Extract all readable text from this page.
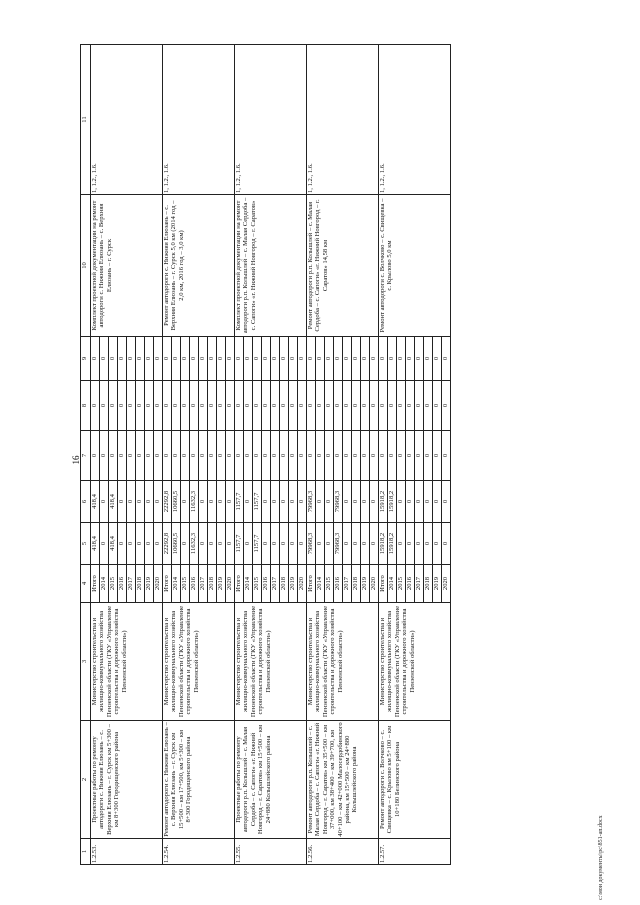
16
1	2	3	4	5	6	7	8	9	10	11
1.2.53.	Проектные работы по ремонту автодороги с. Нижняя Елюзань – с. Верхняя Елюзань – г. Сурск км 5+300 – км 8+300 Городищенского района	Министерство строительства и жилищно-коммунального хозяйства Пензенской области (ГКУ «Управление строительства и дорожного хозяйства Пензенской области»)	Итого	418,4	418,4	0	0	0	Комплект проектной документации на ремонт автодороги с. Нижняя Елюзань – с. Верхняя Елюзань – г. Сурск	1, 1.2., 1.6.
			2014	0	0	0	0	0		
			2015	418,4	418,4	0	0	0		
			2016	0	0	0	0	0		
			2017	0	0	0	0	0		
			2018	0	0	0	0	0		
			2019	0	0	0	0	0		
			2020	0	0	0	0	0		
1.2.54.	Ремонт автодороги с. Нижняя Елюзань – с. Верхняя Елюзань – г. Сурск км 15+500 – км 17+500, км 5+300 – км 8+300 Городищенского района	Министерство строительства и жилищно-коммунального хозяйства Пензенской области (ГКУ «Управление строительства и дорожного хозяйства Пензенской области»)	Итого	22292,8	22292,8	0	0	0	Ремонт автодороги с. Нижняя Елюзань – с. Верхняя Елюзань – г. Сурск 5,0 км (2014 год – 2,0 км, 2016 год – 3,0 км)	1, 1.2., 1.6.
			2014	10660,5	10660,5	0	0	0		
			2015	0	0	0	0	0		
			2016	11632,3	11632,3	0	0	0		
			2017	0	0	0	0	0		
			2018	0	0	0	0	0		
			2019	0	0	0	0	0		
			2020	0	0	0	0	0		
1.2.55.	Проектные работы по ремонту автодороги р.п. Колышлей – с. Малая Сердоба – с. Сапоги» «г. Нижний Новгород – г. Саратов» км 15+500 – км 24+880 Колышлейского района	Министерство строительства и жилищно-коммунального хозяйства Пензенской области (ГКУ «Управление строительства и дорожного хозяйства Пензенской области»)	Итого	1157,7	1157,7	0	0	0	Комплект проектной документации на ремонт автодороги р.п. Колышлей – с. Малая Сердоба – с. Сапоги» «г. Нижний Новгород – г. Саратов»	1, 1.2., 1.6.
			2014	0	0	0	0	0		
			2015	1157,7	1157,7	0	0	0		
			2016	0	0	0	0	0		
			2017	0	0	0	0	0		
			2018	0	0	0	0	0		
			2019	0	0	0	0	0		
			2020	0	0	0	0	0		
1.2.56.	Ремонт автодороги р.п. Колышлей – с. Малая Сердоба – с. Сапоги» «г. Нижний Новгород – г. Саратов» км 35+500 – км 37+000, км 38+400 – км 39+700, км 40+100 – км 42+000 Малосердобинского района, км 15+500 – км 24+880 Колышлейского района	Министерство строительства и жилищно-коммунального хозяйства Пензенской области (ГКУ «Управление строительства и дорожного хозяйства Пензенской области»)	Итого	79968,3	79968,3	0	0	0	Ремонт автодороги р.п. Колышлей – с. Малая Сердоба – с. Сапоги» «г. Нижний Новгород – г. Саратов» 14,58 км	1, 1.2., 1.6.
			2014	0	0	0	0	0		
			2015	0	0	0	0	0		
			2016	79968,3	79968,3	0	0	0		
			2017	0	0	0	0	0		
			2018	0	0	0	0	0		
			2019	0	0	0	0	0		
			2020	0	0	0	0	0		
1.2.57.	Ремонт автодороги с. Волчково – с. Свищевка – с. Крылово км 5+100 – км 10+180 Белинского района	Министерство строительства и жилищно-коммунального хозяйства Пензенской области (ГКУ «Управление строительства и дорожного хозяйства Пензенской области»)	Итого	15918,2	15918,2	0	0	0	Ремонт автодороги с. Волчково – с. Свищевка – с. Крылово 5,0 км	1, 1.2., 1.6.
			2014	15918,2	15918,2	0	0	0		
			2015	0	0	0	0	0		
			2016	0	0	0	0	0		
			2017	0	0	0	0	0		
			2018	0	0	0	0	0		
			2019	0	0	0	0	0		
			2020	0	0	0	0	0		
c:\мои документы\рс\851-ап.docx
